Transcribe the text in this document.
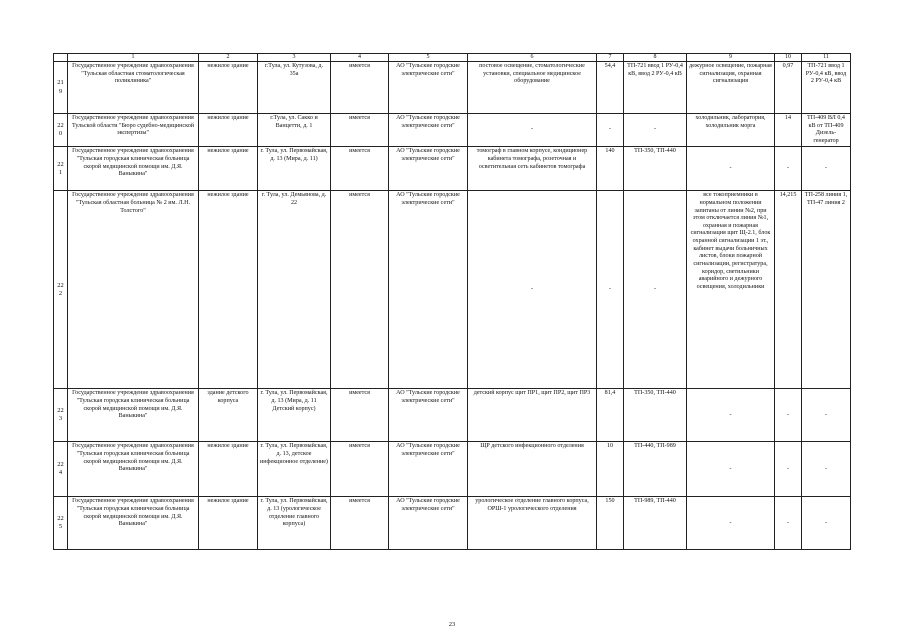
	1	2	3	4	5	6	7	8	9	10	11
219	Государственное учреждение здравоохранения "Тульская областная стоматологическая поликлиника"	нежилое здание	г.Тула, ул. Кутузова, д. 35а	имеется	АО "Тульские городские электрические сети"	постовое освещение, стоматологические установки, специальное медицинское оборудование	54,4	ТП-721 ввод 1 РУ-0,4 кВ, ввод 2 РУ-0,4 кВ	дежурное освещение, пожарная сигнализация, охранная сигнализация	0,97	ТП-721 ввод 1 РУ-0,4 кВ, ввод 2 РУ-0,4 кВ
220	Государственное учреждение здравоохранения Тульской области "Бюро судебно-медицинской экспертизы"	нежилое здание	г.Тула, ул. Сакко и Ванцетти, д. 1	имеется	АО "Тульские городские электрические сети"	-	-	-	холодильник, лаборатория, холодильник морга	14	ТП-409 ВЛ 0,4 кВ от ТП-409 Дизель-генератор
221	Государственное учреждение здравоохранения "Тульская городская клиническая больница скорой медицинской помощи им. Д.Я. Ваныкина"	нежилое здание	г. Тула, ул. Первомайская, д. 13 (Мира, д. 11)	имеется	АО "Тульские городские электрические сети"	томограф в главном корпусе, кондиционер кабинета томографа, розеточная и осветительная сеть кабинетов томографа	140	ТП-350, ТП-440	-	-	-
222	Государственное учреждение здравоохранения "Тульская областная больница № 2 им. Л.Н. Толстого"	нежилое здание	г. Тула, ул. Демьянова, д. 22	имеется	АО "Тульские городские электрические сети"	-	-	-	все токоприемники в нормальном положении запитаны от линии №2, при этом отключается линия №1, охранная и пожарная сигнализация щит Щ-2.1, блок охранной сигнализации 1 эт., кабинет выдачи больничных листов, блоки пожарной сигнализации, регистратура, коридор, светильники аварийного и дежурного освещения, холодильники	14,215	ТП-258 линия 1, ТП-47 линия 2
223	Государственное учреждение здравоохранения "Тульская городская клиническая больница скорой медицинской помощи им. Д.Я. Ваныкина"	здание детского корпуса	г. Тула, ул. Первомайская, д. 13 (Мира, д. 11 Детский корпус)	имеется	АО "Тульские городские электрические сети"	детский корпус щит ПР1, щит ПР2, щит ПР3	81,4	ТП-350, ТП-440	-	-	-
224	Государственное учреждение здравоохранения "Тульская городская клиническая больница скорой медицинской помощи им. Д.Я. Ваныкина"	нежилое здание	г. Тула, ул. Первомайская, д. 13, детское инфекционное отделение)	имеется	АО "Тульские городские электрические сети"	ЩР детского инфекционного отделения	10	ТП-440, ТП-989	-	-	-
225	Государственное учреждение здравоохранения "Тульская городская клиническая больница скорой медицинской помощи им. Д.Я. Ваныкина"	нежилое здание	г. Тула, ул. Первомайская, д. 13 (урологическое отделение главного корпуса)	имеется	АО "Тульские городские электрические сети"	урологическое отделение главного корпуса, ОРШ-1 урологического отделения	150	ТП-989, ТП-440	-	-	-
23
